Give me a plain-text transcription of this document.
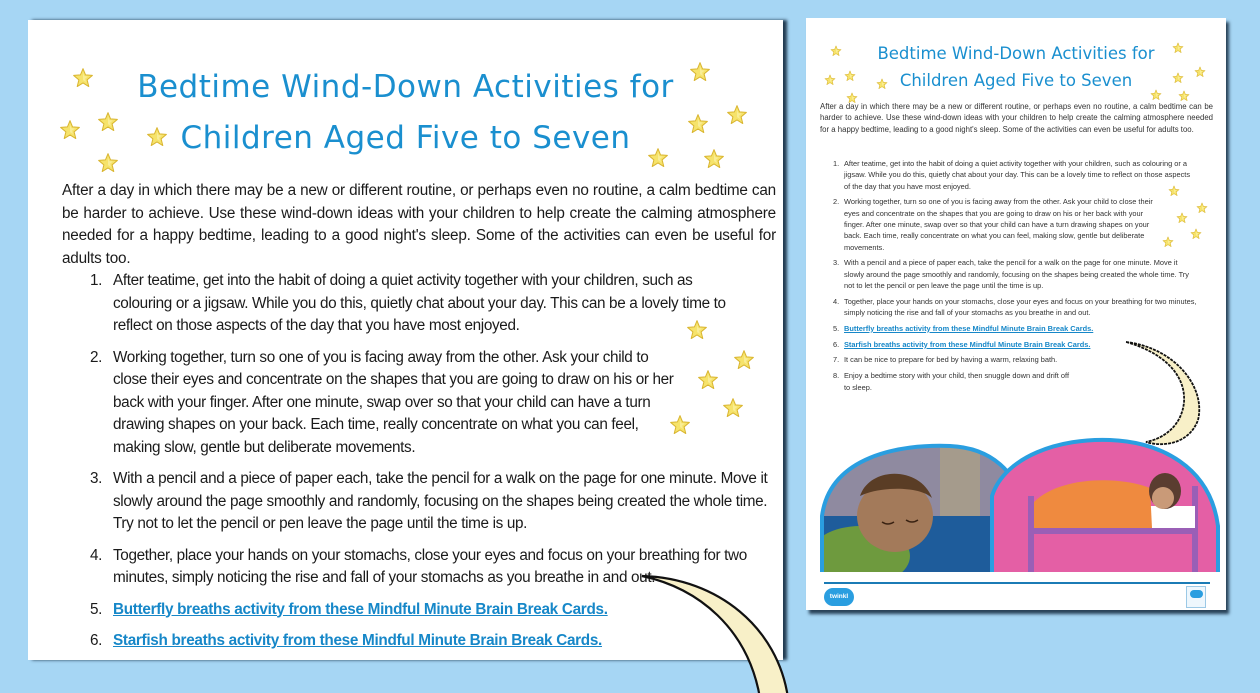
Bedtime Wind-Down Activities for
Children Aged Five to Seven

After a day in which there may be a new or different routine, or perhaps even no routine, a calm bedtime can be harder to achieve. Use these wind-down ideas with your children to help create the calming atmosphere needed for a happy bedtime, leading to a good night's sleep. Some of the activities can even be useful for adults too.

1. After teatime, get into the habit of doing a quiet activity together with your children, such as colouring or a jigsaw. While you do this, quietly chat about your day. This can be a lovely time to reflect on those aspects of the day that you have most enjoyed.
2. Working together, turn so one of you is facing away from the other. Ask your child to close their eyes and concentrate on the shapes that you are going to draw on his or her back with your finger. After one minute, swap over so that your child can have a turn drawing shapes on your back. Each time, really concentrate on what you can feel, making slow, gentle but deliberate movements.
3. With a pencil and a piece of paper each, take the pencil for a walk on the page for one minute. Move it slowly around the page smoothly and randomly, focusing on the shapes being created the whole time. Try not to let the pencil or pen leave the page until the time is up.
4. Together, place your hands on your stomachs, close your eyes and focus on your breathing for two minutes, simply noticing the rise and fall of your stomachs as you breathe in and out.
5. Butterfly breaths activity from these Mindful Minute Brain Break Cards.
6. Starfish breaths activity from these Mindful Minute Brain Break Cards.
Bedtime Wind-Down Activities for
Children Aged Five to Seven

After a day in which there may be a new or different routine, or perhaps even no routine, a calm bedtime can be harder to achieve. Use these wind-down ideas with your children to help create the calming atmosphere needed for a happy bedtime, leading to a good night's sleep. Some of the activities can even be useful for adults too.

1. After teatime, get into the habit of doing a quiet activity together with your children, such as colouring or a jigsaw. While you do this, quietly chat about your day. This can be a lovely time to reflect on those aspects of the day that you have most enjoyed.
2. Working together, turn so one of you is facing away from the other. Ask your child to close their eyes and concentrate on the shapes that you are going to draw on his or her back with your finger. After one minute, swap over so that your child can have a turn drawing shapes on your back. Each time, really concentrate on what you can feel, making slow, gentle but deliberate movements.
3. With a pencil and a piece of paper each, take the pencil for a walk on the page for one minute. Move it slowly around the page smoothly and randomly, focusing on the shapes being created the whole time. Try not to let the pencil or pen leave the page until the time is up.
4. Together, place your hands on your stomachs, close your eyes and focus on your breathing for two minutes, simply noticing the rise and fall of your stomachs as you breathe in and out.
5. Butterfly breaths activity from these Mindful Minute Brain Break Cards.
6. Starfish breaths activity from these Mindful Minute Brain Break Cards.
7. It can be nice to prepare for bed by having a warm, relaxing bath.
8. Enjoy a bedtime story with your child, then snuggle down and drift off to sleep.
twinkl
